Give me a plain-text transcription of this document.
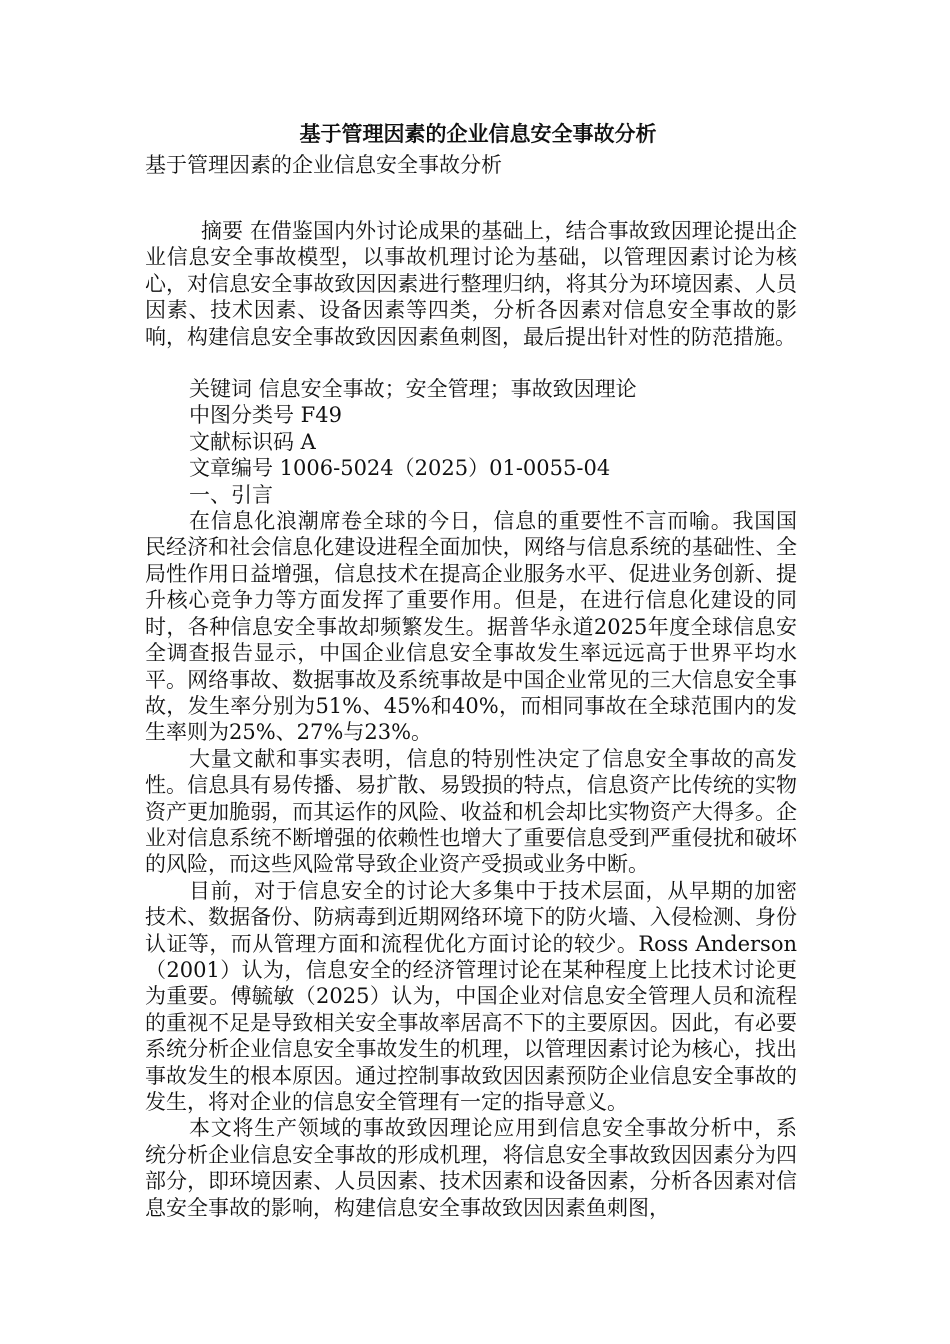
基于管理因素的企业信息安全事故分析

基于管理因素的企业信息安全事故分析

摘要 在借鉴国内外讨论成果的基础上，结合事故致因理论提出企业信息安全事故模型，以事故机理讨论为基础，以管理因素讨论为核心，对信息安全事故致因因素进行整理归纳，将其分为环境因素、人员因素、技术因素、设备因素等四类，分析各因素对信息安全事故的影响，构建信息安全事故致因因素鱼刺图，最后提出针对性的防范措施。

关键词 信息安全事故；安全管理；事故致因理论

中图分类号 F49

文献标识码 A

文章编号 1006-5024（2025）01-0055-04

一、引言

在信息化浪潮席卷全球的今日，信息的重要性不言而喻。我国国民经济和社会信息化建设进程全面加快，网络与信息系统的基础性、全局性作用日益增强，信息技术在提高企业服务水平、促进业务创新、提升核心竞争力等方面发挥了重要作用。但是，在进行信息化建设的同时，各种信息安全事故却频繁发生。据普华永道2025年度全球信息安全调查报告显示，中国企业信息安全事故发生率远远高于世界平均水平。网络事故、数据事故及系统事故是中国企业常见的三大信息安全事故，发生率分别为51%、45%和40%，而相同事故在全球范围内的发生率则为25%、27%与23%。

大量文献和事实表明，信息的特别性决定了信息安全事故的高发性。信息具有易传播、易扩散、易毁损的特点，信息资产比传统的实物资产更加脆弱，而其运作的风险、收益和机会却比实物资产大得多。企业对信息系统不断增强的依赖性也增大了重要信息受到严重侵扰和破坏的风险，而这些风险常导致企业资产受损或业务中断。

目前，对于信息安全的讨论大多集中于技术层面，从早期的加密技术、数据备份、防病毒到近期网络环境下的防火墙、入侵检测、身份认证等，而从管理方面和流程优化方面讨论的较少。Ross Anderson（2001）认为，信息安全的经济管理讨论在某种程度上比技术讨论更为重要。傅毓敏（2025）认为，中国企业对信息安全管理人员和流程的重视不足是导致相关安全事故率居高不下的主要原因。因此，有必要系统分析企业信息安全事故发生的机理，以管理因素讨论为核心，找出事故发生的根本原因。通过控制事故致因因素预防企业信息安全事故的发生，将对企业的信息安全管理有一定的指导意义。

本文将生产领域的事故致因理论应用到信息安全事故分析中，系统分析企业信息安全事故的形成机理，将信息安全事故致因因素分为四部分，即环境因素、人员因素、技术因素和设备因素，分析各因素对信息安全事故的影响，构建信息安全事故致因因素鱼刺图，
